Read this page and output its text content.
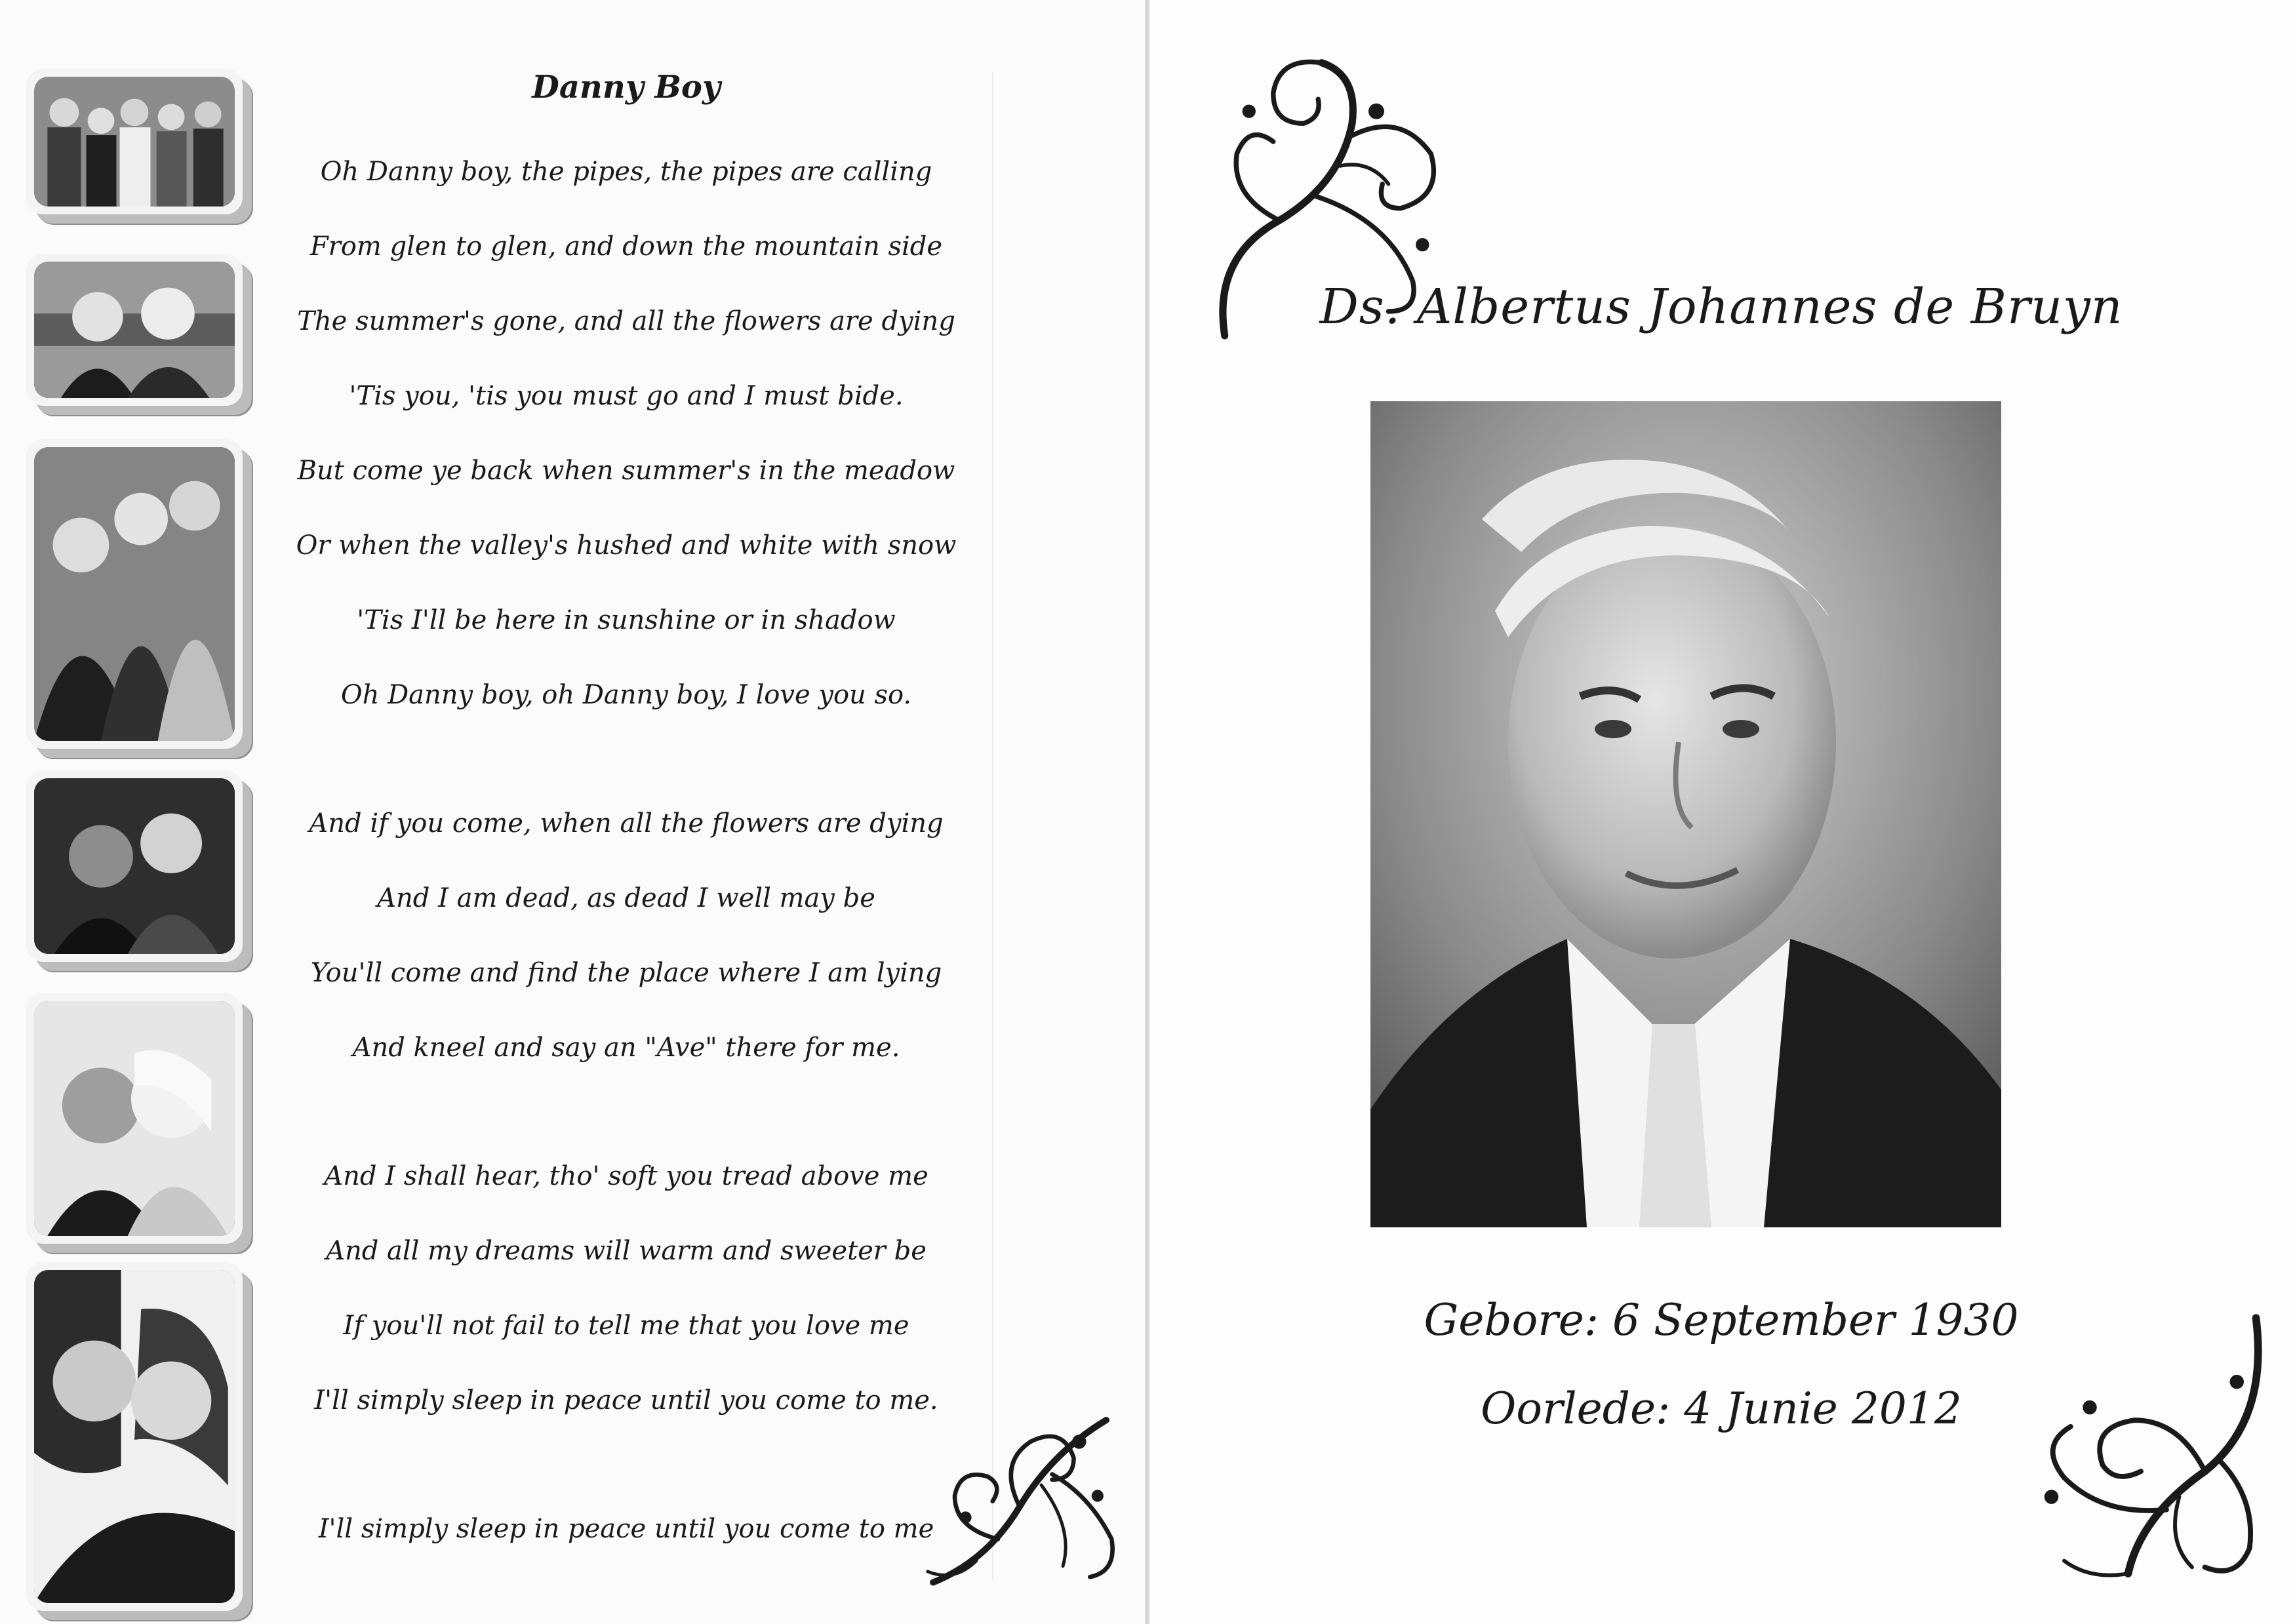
Danny Boy
Oh Danny boy, the pipes, the pipes are calling
From glen to glen, and down the mountain side
The summer's gone, and all the flowers are dying
'Tis you, 'tis you must go and I must bide.
But come ye back when summer's in the meadow
Or when the valley's hushed and white with snow
'Tis I'll be here in sunshine or in shadow
Oh Danny boy, oh Danny boy, I love you so.
And if you come, when all the flowers are dying
And I am dead, as dead I well may be
You'll come and find the place where I am lying
And kneel and say an "Ave" there for me.
And I shall hear, tho' soft you tread above me
And all my dreams will warm and sweeter be
If you'll not fail to tell me that you love me
I'll simply sleep in peace until you come to me.
I'll simply sleep in peace until you come to me
Ds. Albertus Johannes de Bruyn
Gebore: 6 September 1930
Oorlede: 4 Junie 2012
